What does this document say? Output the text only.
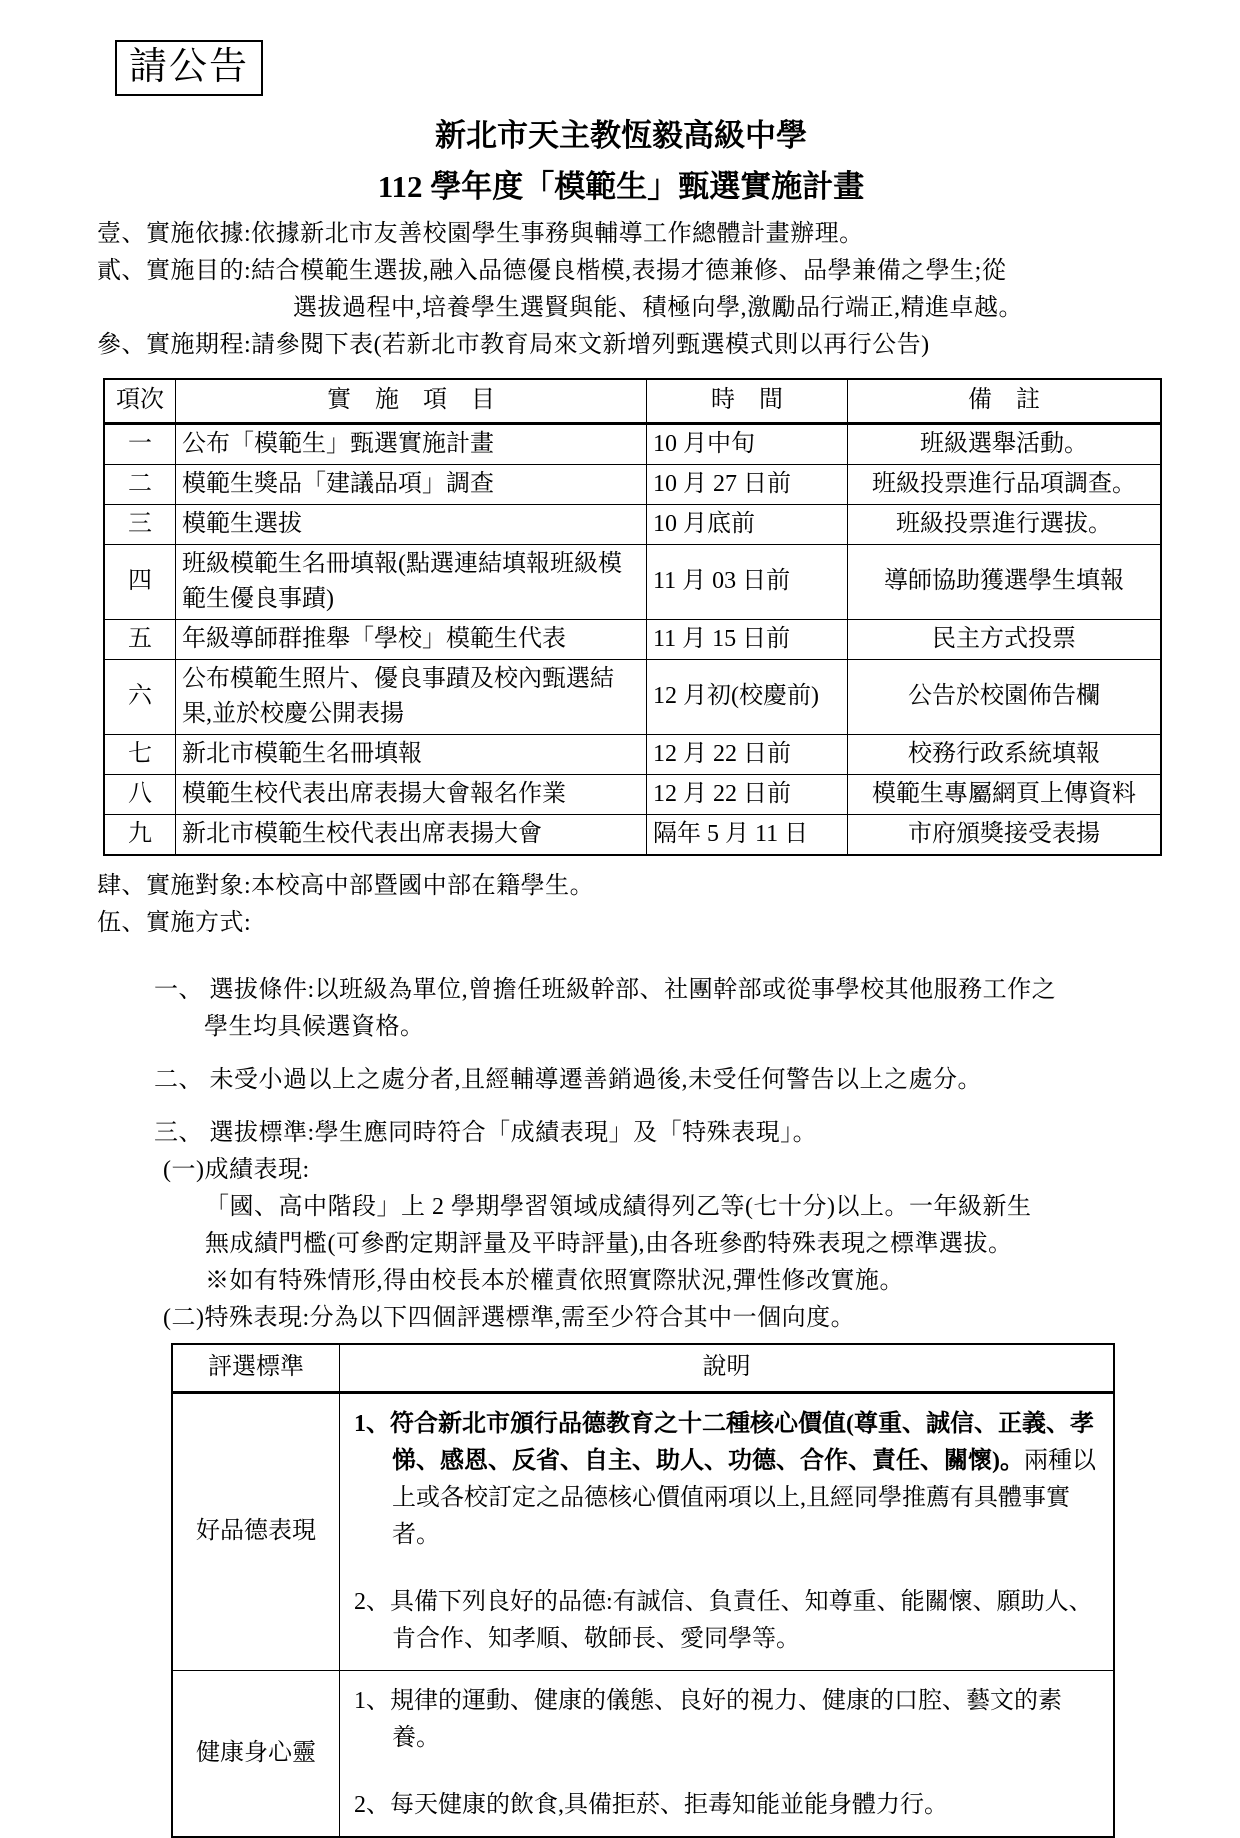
請公告
新北市天主教恆毅高級中學
112 學年度「模範生」甄選實施計畫
壹、實施依據:依據新北市友善校園學生事務與輔導工作總體計畫辦理。
貳、實施目的:結合模範生選拔,融入品德優良楷模,表揚才德兼修、品學兼備之學生;從
選拔過程中,培養學生選賢與能、積極向學,激勵品行端正,精進卓越。
參、實施期程:請參閱下表(若新北市教育局來文新增列甄選模式則以再行公告)
項次	實　施　項　目	時　間	備　註
一	公布「模範生」甄選實施計畫	10 月中旬	班級選舉活動。
二	模範生獎品「建議品項」調查	10 月 27 日前	班級投票進行品項調查。
三	模範生選拔	10 月底前	班級投票進行選拔。
四	班級模範生名冊填報(點選連結填報班級模範生優良事蹟)	11 月 03 日前	導師協助獲選學生填報
五	年級導師群推舉「學校」模範生代表	11 月 15 日前	民主方式投票
六	公布模範生照片、優良事蹟及校內甄選結果,並於校慶公開表揚	12 月初(校慶前)	公告於校園佈告欄
七	新北市模範生名冊填報	12 月 22 日前	校務行政系統填報
八	模範生校代表出席表揚大會報名作業	12 月 22 日前	模範生專屬網頁上傳資料
九	新北市模範生校代表出席表揚大會	隔年 5 月 11 日	市府頒獎接受表揚
肆、實施對象:本校高中部暨國中部在籍學生。
伍、實施方式:
一、 選拔條件:以班級為單位,曾擔任班級幹部、社團幹部或從事學校其他服務工作之
學生均具候選資格。
二、 未受小過以上之處分者,且經輔導遷善銷過後,未受任何警告以上之處分。
三、 選拔標準:學生應同時符合「成績表現」及「特殊表現」。
(一)成績表現:
「國、高中階段」上 2 學期學習領域成績得列乙等(七十分)以上。一年級新生
無成績門檻(可參酌定期評量及平時評量),由各班參酌特殊表現之標準選拔。
※如有特殊情形,得由校長本於權責依照實際狀況,彈性修改實施。
(二)特殊表現:分為以下四個評選標準,需至少符合其中一個向度。
評選標準	說明
好品德表現	1、符合新北市頒行品德教育之十二種核心價值(尊重、誠信、正義、孝悌、感恩、反省、自主、助人、功德、合作、責任、關懷)。兩種以上或各校訂定之品德核心價值兩項以上,且經同學推薦有具體事實者。

2、具備下列良好的品德:有誠信、負責任、知尊重、能關懷、願助人、肯合作、知孝順、敬師長、愛同學等。

健康身心靈	1、規律的運動、健康的儀態、良好的視力、健康的口腔、藝文的素養。

2、每天健康的飲食,具備拒菸、拒毒知能並能身體力行。
